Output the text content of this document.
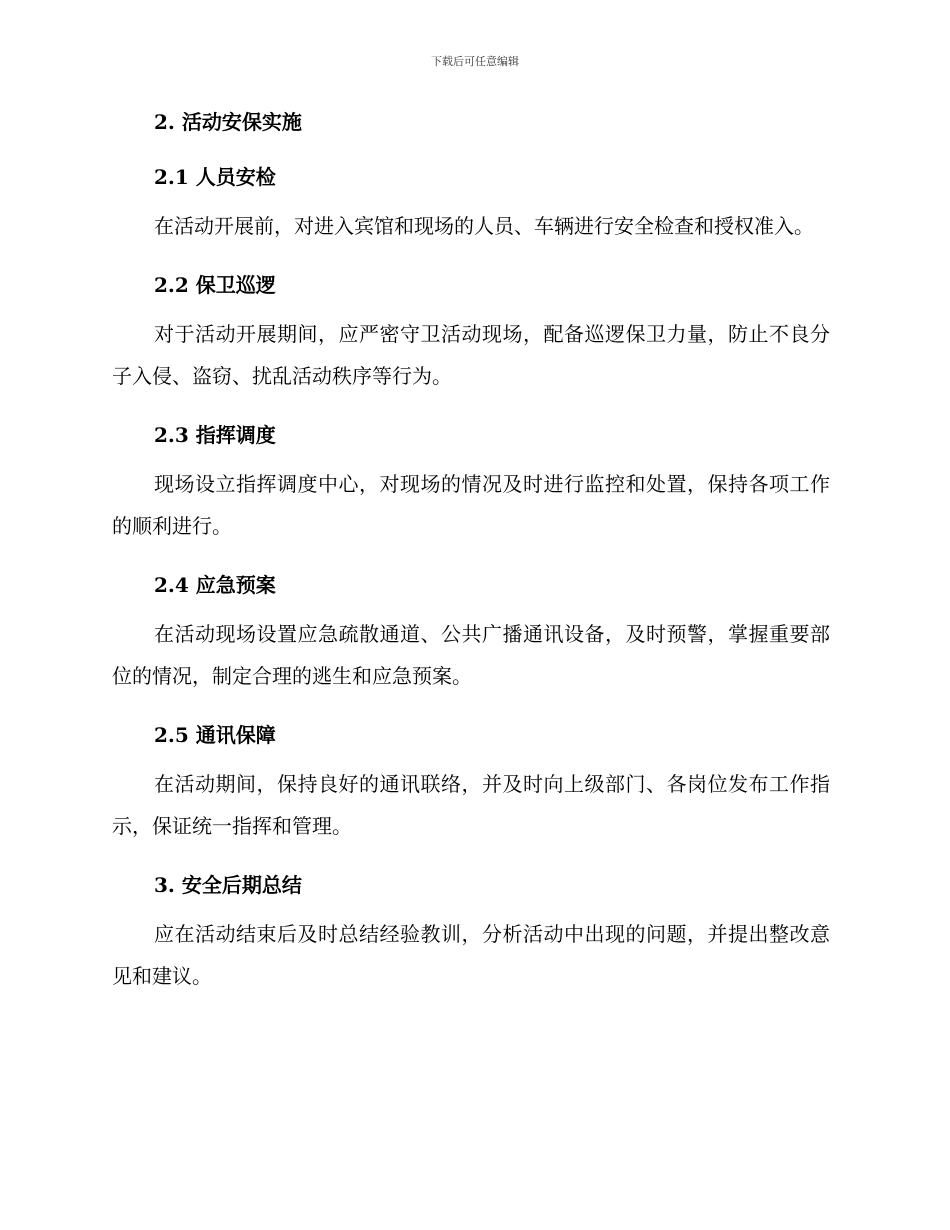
下载后可任意编辑
2. 活动安保实施
2.1 人员安检

在活动开展前，对进入宾馆和现场的人员、车辆进行安全检查和授权准入。

2.2 保卫巡逻

对于活动开展期间，应严密守卫活动现场，配备巡逻保卫力量，防止不良分子入侵、盗窃、扰乱活动秩序等行为。

2.3 指挥调度

现场设立指挥调度中心，对现场的情况及时进行监控和处置，保持各项工作的顺利进行。

2.4 应急预案

在活动现场设置应急疏散通道、公共广播通讯设备，及时预警，掌握重要部位的情况，制定合理的逃生和应急预案。

2.5 通讯保障

在活动期间，保持良好的通讯联络，并及时向上级部门、各岗位发布工作指示，保证统一指挥和管理。

3. 安全后期总结

应在活动结束后及时总结经验教训，分析活动中出现的问题，并提出整改意见和建议。
